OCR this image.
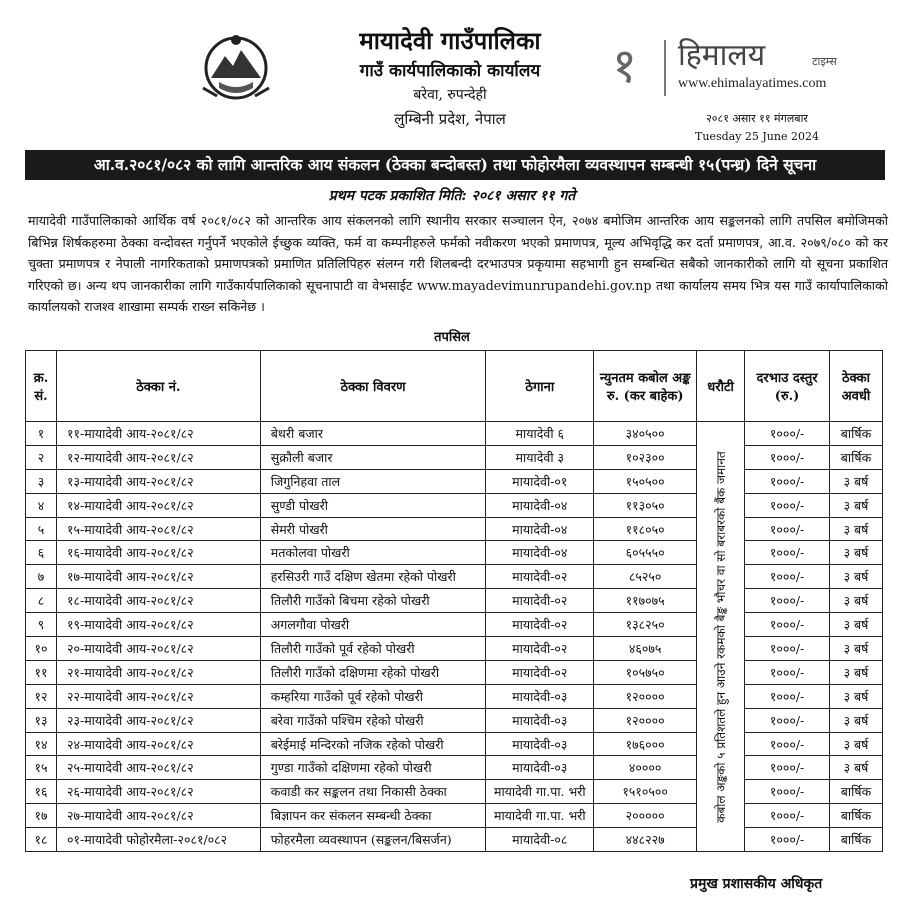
मायादेवी गाउँपालिका
गाउँ कार्यपालिकाको कार्यालय
बरेवा, रुपन्देही
लुम्बिनी प्रदेश, नेपाल
१ हिमालय	टाइम्स
www.ehimalayatimes.com
२०८१ असार ११ मंगलबार
Tuesday 25 June 2024
आ.व.२०८१/०८२ को लागि आन्तरिक आय संकलन (ठेक्का बन्दोबस्त) तथा फोहोरमैला व्यवस्थापन सम्बन्धी १५(पन्ध्र) दिने सूचना
प्रथम पटक प्रकाशित मिति: २०८१ असार ११ गते
मायादेवी गाउँपालिकाको आर्थिक वर्ष २०८१/०८२ को आन्तरिक आय संकलनको लागि स्थानीय सरकार सञ्चालन ऐन, २०७४ बमोजिम आन्तरिक आय सङ्कलनको लागि तपसिल बमोजिमको बिभिन्न शिर्षकहरुमा ठेक्का वन्दोवस्त गर्नुपर्ने भएकोले ईच्छुक व्यक्ति, फर्म वा कम्पनीहरुले फर्मको नवीकरण भएको प्रमाणपत्र, मूल्य अभिवृद्धि कर दर्ता प्रमाणपत्र, आ.व. २०७९/०८० को कर चुक्ता प्रमाणपत्र र नेपाली नागरिकताको प्रमाणपत्रको प्रमाणित प्रतिलिपिहरु संलग्न गरी शिलबन्दी दरभाउपत्र प्रकृयामा सहभागी हुन सम्बन्धित सबैको जानकारीको लागि यो सूचना प्रकाशित गरिएको छ। अन्य थप जानकारीका लागि गाउँकार्यपालिकाको सूचनापाटी वा वेभसाईट www.mayadevimunrupandehi.gov.np तथा कार्यालय समय भित्र यस गाउँ कार्यापालिकाको कार्यालयको राजश्व शाखामा सम्पर्क राख्न सकिनेछ ।
तपसिल
क्र. सं.	ठेक्का नं.	ठेक्का विवरण	ठेगाना	न्युनतम कबोल अङ्क रु. (कर बाहेक)	धरौटी	दरभाउ दस्तुर (रु.)	ठेक्का अवधी
१	११-मायादेवी आय-२०८१/८२	बेथरी बजार	मायादेवी ६	३४०५००	कबोल अङ्कको ५ प्रतिशतले हुन आउने रकमको बैङ्क भौचर वा सो बराबरको बैंक जमानत	१०००/-	बार्षिक
२	१२-मायादेवी आय-२०८१/८२	सुक्रौली बजार	मायादेवी ३	१०२३००		१०००/-	बार्षिक
३	१३-मायादेवी आय-२०८१/८२	जिगुनिहवा ताल	मायादेवी-०१	१५०५००		१०००/-	३ बर्ष
४	१४-मायादेवी आय-२०८१/८२	सुण्डी पोखरी	मायादेवी-०४	११३०५०		१०००/-	३ बर्ष
५	१५-मायादेवी आय-२०८१/८२	सेमरी पोखरी	मायादेवी-०४	११८०५०		१०००/-	३ बर्ष
६	१६-मायादेवी आय-२०८१/८२	मतकोलवा पोखरी	मायादेवी-०४	६०५५५०		१०००/-	३ बर्ष
७	१७-मायादेवी आय-२०८१/८२	हरसिउरी गाउँ दक्षिण खेतमा रहेको पोखरी	मायादेवी-०२	८५२५०		१०००/-	३ बर्ष
८	१८-मायादेवी आय-२०८१/८२	तिलौरी गाउँको बिचमा रहेको पोखरी	मायादेवी-०२	११७०७५		१०००/-	३ बर्ष
९	१९-मायादेवी आय-२०८१/८२	अगलगौवा पोखरी	मायादेवी-०२	१३८२५०		१०००/-	३ बर्ष
१०	२०-मायादेवी आय-२०८१/८२	तिलौरी गाउँको पूर्व रहेको पोखरी	मायादेवी-०२	४६०७५		१०००/-	३ बर्ष
११	२१-मायादेवी आय-२०८१/८२	तिलौरी गाउँको दक्षिणमा रहेको पोखरी	मायादेवी-०२	१०५७५०		१०००/-	३ बर्ष
१२	२२-मायादेवी आय-२०८१/८२	कम्हरिया गाउँको पूर्व रहेको पोखरी	मायादेवी-०३	१२००००		१०००/-	३ बर्ष
१३	२३-मायादेवी आय-२०८१/८२	बरेवा गाउँको पश्चिम रहेको पोखरी	मायादेवी-०३	१२००००		१०००/-	३ बर्ष
१४	२४-मायादेवी आय-२०८१/८२	बरेईमाई मन्दिरको नजिक रहेको पोखरी	मायादेवी-०३	१७६०००		१०००/-	३ बर्ष
१५	२५-मायादेवी आय-२०८१/८२	गुण्डा गाउँको दक्षिणमा रहेको पोखरी	मायादेवी-०३	४००००		१०००/-	३ बर्ष
१६	२६-मायादेवी आय-२०८१/८२	कवाडी कर सङ्कलन तथा निकासी ठेक्का	मायादेवी गा.पा. भरी	१५१०५००		१०००/-	बार्षिक
१७	२७-मायादेवी आय-२०८१/८२	बिज्ञापन कर संकलन सम्बन्धी ठेक्का	मायादेवी गा.पा. भरी	२०००००		१०००/-	बार्षिक
१८	०१-मायादेवी फोहोरमैला-२०८१/०८२	फोहरमैला व्यवस्थापन (सङ्कलन/बिसर्जन)	मायादेवी-०८	४४८२२७		१०००/-	बार्षिक
प्रमुख प्रशासकीय अधिकृत
